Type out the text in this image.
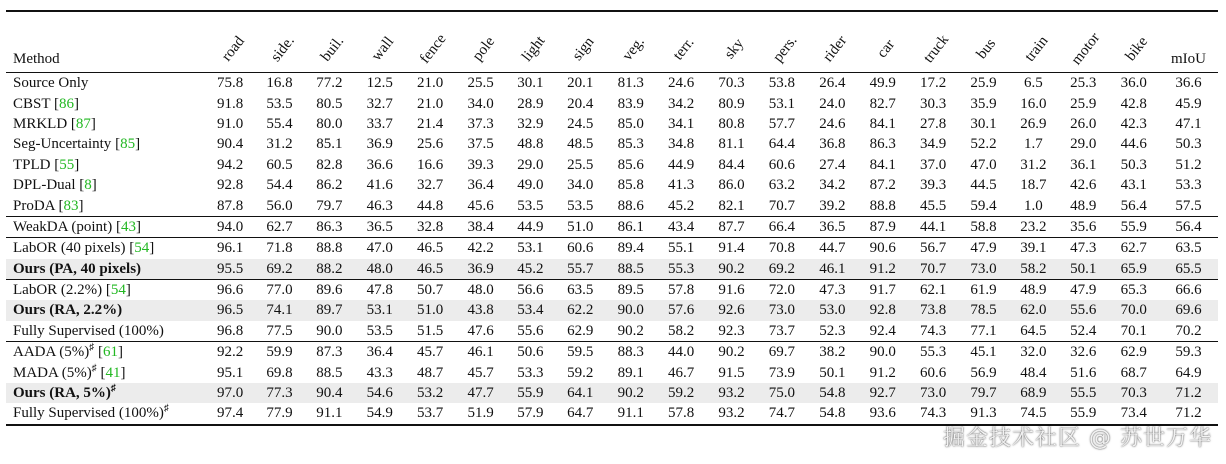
Method	road	side.	buil.	wall	fence	pole	light	sign	veg.	terr.	sky	pers.	rider	car	truck	bus	train	motor	bike	mIoU
Source Only	75.8	16.8	77.2	12.5	21.0	25.5	30.1	20.1	81.3	24.6	70.3	53.8	26.4	49.9	17.2	25.9	6.5	25.3	36.0	36.6
CBST [86]	91.8	53.5	80.5	32.7	21.0	34.0	28.9	20.4	83.9	34.2	80.9	53.1	24.0	82.7	30.3	35.9	16.0	25.9	42.8	45.9
MRKLD [87]	91.0	55.4	80.0	33.7	21.4	37.3	32.9	24.5	85.0	34.1	80.8	57.7	24.6	84.1	27.8	30.1	26.9	26.0	42.3	47.1
Seg-Uncertainty [85]	90.4	31.2	85.1	36.9	25.6	37.5	48.8	48.5	85.3	34.8	81.1	64.4	36.8	86.3	34.9	52.2	1.7	29.0	44.6	50.3
TPLD [55]	94.2	60.5	82.8	36.6	16.6	39.3	29.0	25.5	85.6	44.9	84.4	60.6	27.4	84.1	37.0	47.0	31.2	36.1	50.3	51.2
DPL-Dual [8]	92.8	54.4	86.2	41.6	32.7	36.4	49.0	34.0	85.8	41.3	86.0	63.2	34.2	87.2	39.3	44.5	18.7	42.6	43.1	53.3
ProDA [83]	87.8	56.0	79.7	46.3	44.8	45.6	53.5	53.5	88.6	45.2	82.1	70.7	39.2	88.8	45.5	59.4	1.0	48.9	56.4	57.5
WeakDA (point) [43]	94.0	62.7	86.3	36.5	32.8	38.4	44.9	51.0	86.1	43.4	87.7	66.4	36.5	87.9	44.1	58.8	23.2	35.6	55.9	56.4
LabOR (40 pixels) [54]	96.1	71.8	88.8	47.0	46.5	42.2	53.1	60.6	89.4	55.1	91.4	70.8	44.7	90.6	56.7	47.9	39.1	47.3	62.7	63.5
Ours (PA, 40 pixels)	95.5	69.2	88.2	48.0	46.5	36.9	45.2	55.7	88.5	55.3	90.2	69.2	46.1	91.2	70.7	73.0	58.2	50.1	65.9	65.5
LabOR (2.2%) [54]	96.6	77.0	89.6	47.8	50.7	48.0	56.6	63.5	89.5	57.8	91.6	72.0	47.3	91.7	62.1	61.9	48.9	47.9	65.3	66.6
Ours (RA, 2.2%)	96.5	74.1	89.7	53.1	51.0	43.8	53.4	62.2	90.0	57.6	92.6	73.0	53.0	92.8	73.8	78.5	62.0	55.6	70.0	69.6
Fully Supervised (100%)	96.8	77.5	90.0	53.5	51.5	47.6	55.6	62.9	90.2	58.2	92.3	73.7	52.3	92.4	74.3	77.1	64.5	52.4	70.1	70.2
AADA (5%)♯ [61]	92.2	59.9	87.3	36.4	45.7	46.1	50.6	59.5	88.3	44.0	90.2	69.7	38.2	90.0	55.3	45.1	32.0	32.6	62.9	59.3
MADA (5%)♯ [41]	95.1	69.8	88.5	43.3	48.7	45.7	53.3	59.2	89.1	46.7	91.5	73.9	50.1	91.2	60.6	56.9	48.4	51.6	68.7	64.9
Ours (RA, 5%)♯	97.0	77.3	90.4	54.6	53.2	47.7	55.9	64.1	90.2	59.2	93.2	75.0	54.8	92.7	73.0	79.7	68.9	55.5	70.3	71.2
Fully Supervised (100%)♯	97.4	77.9	91.1	54.9	53.7	51.9	57.9	64.7	91.1	57.8	93.2	74.7	54.8	93.6	74.3	91.3	74.5	55.9	73.4	71.2
掘金技术社区 @ 苏世万华
